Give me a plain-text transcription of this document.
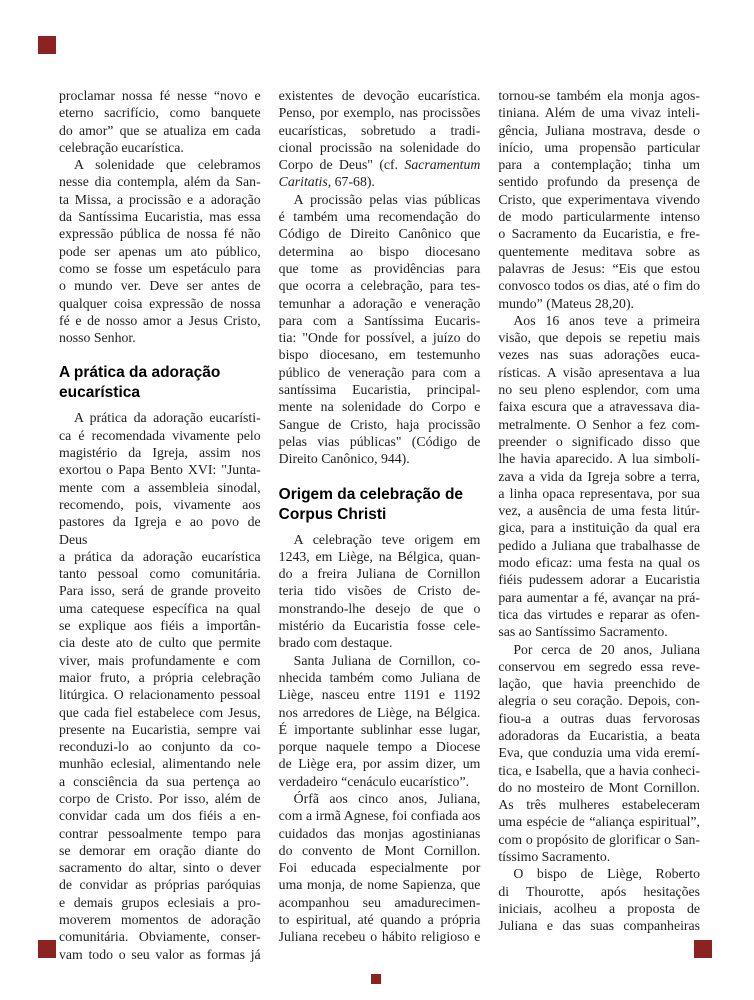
proclamar nossa fé nesse “novo e
eterno sacrifício, como banquete
do amor” que se atualiza em cada
celebração eucarística.
A solenidade que celebramos
nesse dia contempla, além da San-
ta Missa, a procissão e a adoração
da Santíssima Eucaristia, mas essa
expressão pública de nossa fé não
pode ser apenas um ato público,
como se fosse um espetáculo para
o mundo ver. Deve ser antes de
qualquer coisa expressão de nossa
fé e de nosso amor a Jesus Cristo,
nosso Senhor.
A prática da adoração
eucarística
A prática da adoração eucarísti-
ca é recomendada vivamente pelo
magistério da Igreja, assim nos
exortou o Papa Bento XVI: "Junta-
mente com a assembleia sinodal,
recomendo, pois, vivamente aos
pastores da Igreja e ao povo de Deus
a prática da adoração eucarística
tanto pessoal como comunitária.
Para isso, será de grande proveito
uma catequese específica na qual
se explique aos fiéis a importân-
cia deste ato de culto que permite
viver, mais profundamente e com
maior fruto, a própria celebração
litúrgica. O relacionamento pessoal
que cada fiel estabelece com Jesus,
presente na Eucaristia, sempre vai
reconduzi-lo ao conjunto da co-
munhão eclesial, alimentando nele
a consciência da sua pertença ao
corpo de Cristo. Por isso, além de
convidar cada um dos fiéis a en-
contrar pessoalmente tempo para
se demorar em oração diante do
sacramento do altar, sinto o dever
de convidar as próprias paróquias
e demais grupos eclesiais a pro-
moverem momentos de adoração
comunitária. Obviamente, conser-
vam todo o seu valor as formas já
existentes de devoção eucarística.
Penso, por exemplo, nas procissões
eucarísticas, sobretudo a tradi-
cional procissão na solenidade do
Corpo de Deus" (cf. Sacramentum
Caritatis, 67-68).
A procissão pelas vias públicas
é também uma recomendação do
Código de Direito Canônico que
determina ao bispo diocesano
que tome as providências para
que ocorra a celebração, para tes-
temunhar a adoração e veneração
para com a Santíssima Eucaris-
tia: "Onde for possível, a juízo do
bispo diocesano, em testemunho
público de veneração para com a
santíssima Eucaristia, principal-
mente na solenidade do Corpo e
Sangue de Cristo, haja procissão
pelas vias públicas" (Código de
Direito Canônico, 944).
Origem da celebração de
Corpus Christi
A celebração teve origem em
1243, em Liège, na Bélgica, quan-
do a freira Juliana de Cornillon
teria tido visões de Cristo de-
monstrando-lhe desejo de que o
mistério da Eucaristia fosse cele-
brado com destaque.
Santa Juliana de Cornillon, co-
nhecida também como Juliana de
Liège, nasceu entre 1191 e 1192
nos arredores de Liège, na Bélgica.
É importante sublinhar esse lugar,
porque naquele tempo a Diocese
de Liège era, por assim dizer, um
verdadeiro “cenáculo eucarístico”.
Órfã aos cinco anos, Juliana,
com a irmã Agnese, foi confiada aos
cuidados das monjas agostinianas
do convento de Mont Cornillon.
Foi educada especialmente por
uma monja, de nome Sapienza, que
acompanhou seu amadurecimen-
to espiritual, até quando a própria
Juliana recebeu o hábito religioso e
tornou-se também ela monja agos-
tiniana. Além de uma vivaz inteli-
gência, Juliana mostrava, desde o
início, uma propensão particular
para a contemplação; tinha um
sentido profundo da presença de
Cristo, que experimentava vivendo
de modo particularmente intenso
o Sacramento da Eucaristia, e fre-
quentemente meditava sobre as
palavras de Jesus: “Eis que estou
convosco todos os dias, até o fim do
mundo” (Mateus 28,20).
Aos 16 anos teve a primeira
visão, que depois se repetiu mais
vezes nas suas adorações euca-
rísticas. A visão apresentava a lua
no seu pleno esplendor, com uma
faixa escura que a atravessava dia-
metralmente. O Senhor a fez com-
preender o significado disso que
lhe havia aparecido. A lua simboli-
zava a vida da Igreja sobre a terra,
a linha opaca representava, por sua
vez, a ausência de uma festa litúr-
gica, para a instituição da qual era
pedido a Juliana que trabalhasse de
modo eficaz: uma festa na qual os
fiéis pudessem adorar a Eucaristia
para aumentar a fé, avançar na prá-
tica das virtudes e reparar as ofen-
sas ao Santíssimo Sacramento.
Por cerca de 20 anos, Juliana
conservou em segredo essa reve-
lação, que havia preenchido de
alegria o seu coração. Depois, con-
fiou-a a outras duas fervorosas
adoradoras da Eucaristia, a beata
Eva, que conduzia uma vida eremí-
tica, e Isabella, que a havia conheci-
do no mosteiro de Mont Cornillon.
As três mulheres estabeleceram
uma espécie de “aliança espiritual”,
com o propósito de glorificar o San-
tíssimo Sacramento.
O bispo de Liège, Roberto
di Thourotte, após hesitações
iniciais, acolheu a proposta de
Juliana e das suas companheiras
